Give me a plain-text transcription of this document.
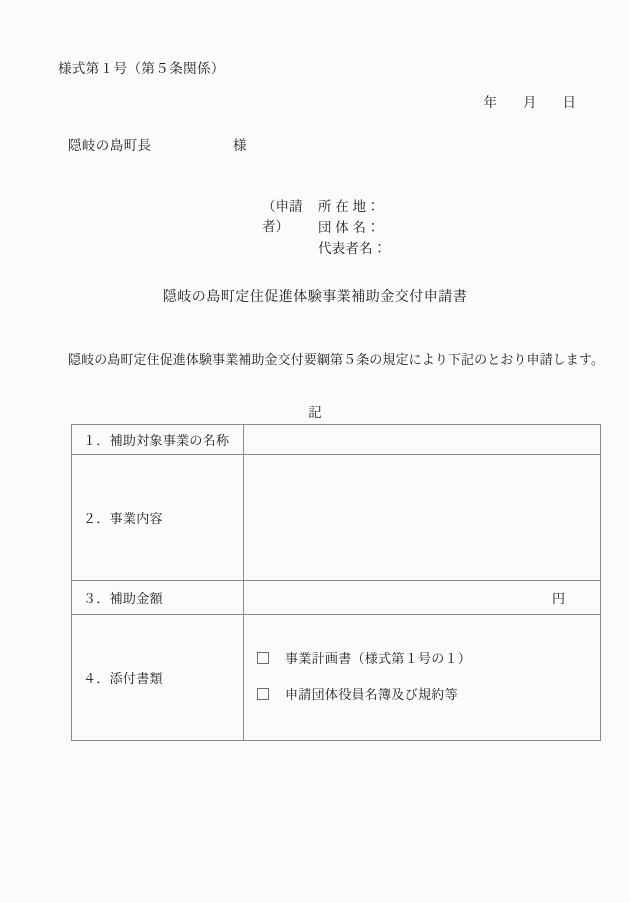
様式第１号（第５条関係）

年 月 日

隠岐の島町長	様
（申請者）
所 在 地：
団 体 名：
代表者名：
隠岐の島町定住促進体験事業補助金交付申請書
隠岐の島町定住促進体験事業補助金交付要綱第５条の規定により下記のとおり申請します。
記
１．補助対象事業の名称	
２．事業内容	
３．補助金額	円

４．添付書類	事業計画書（様式第１号の１）
申請団体役員名簿及び規約等
